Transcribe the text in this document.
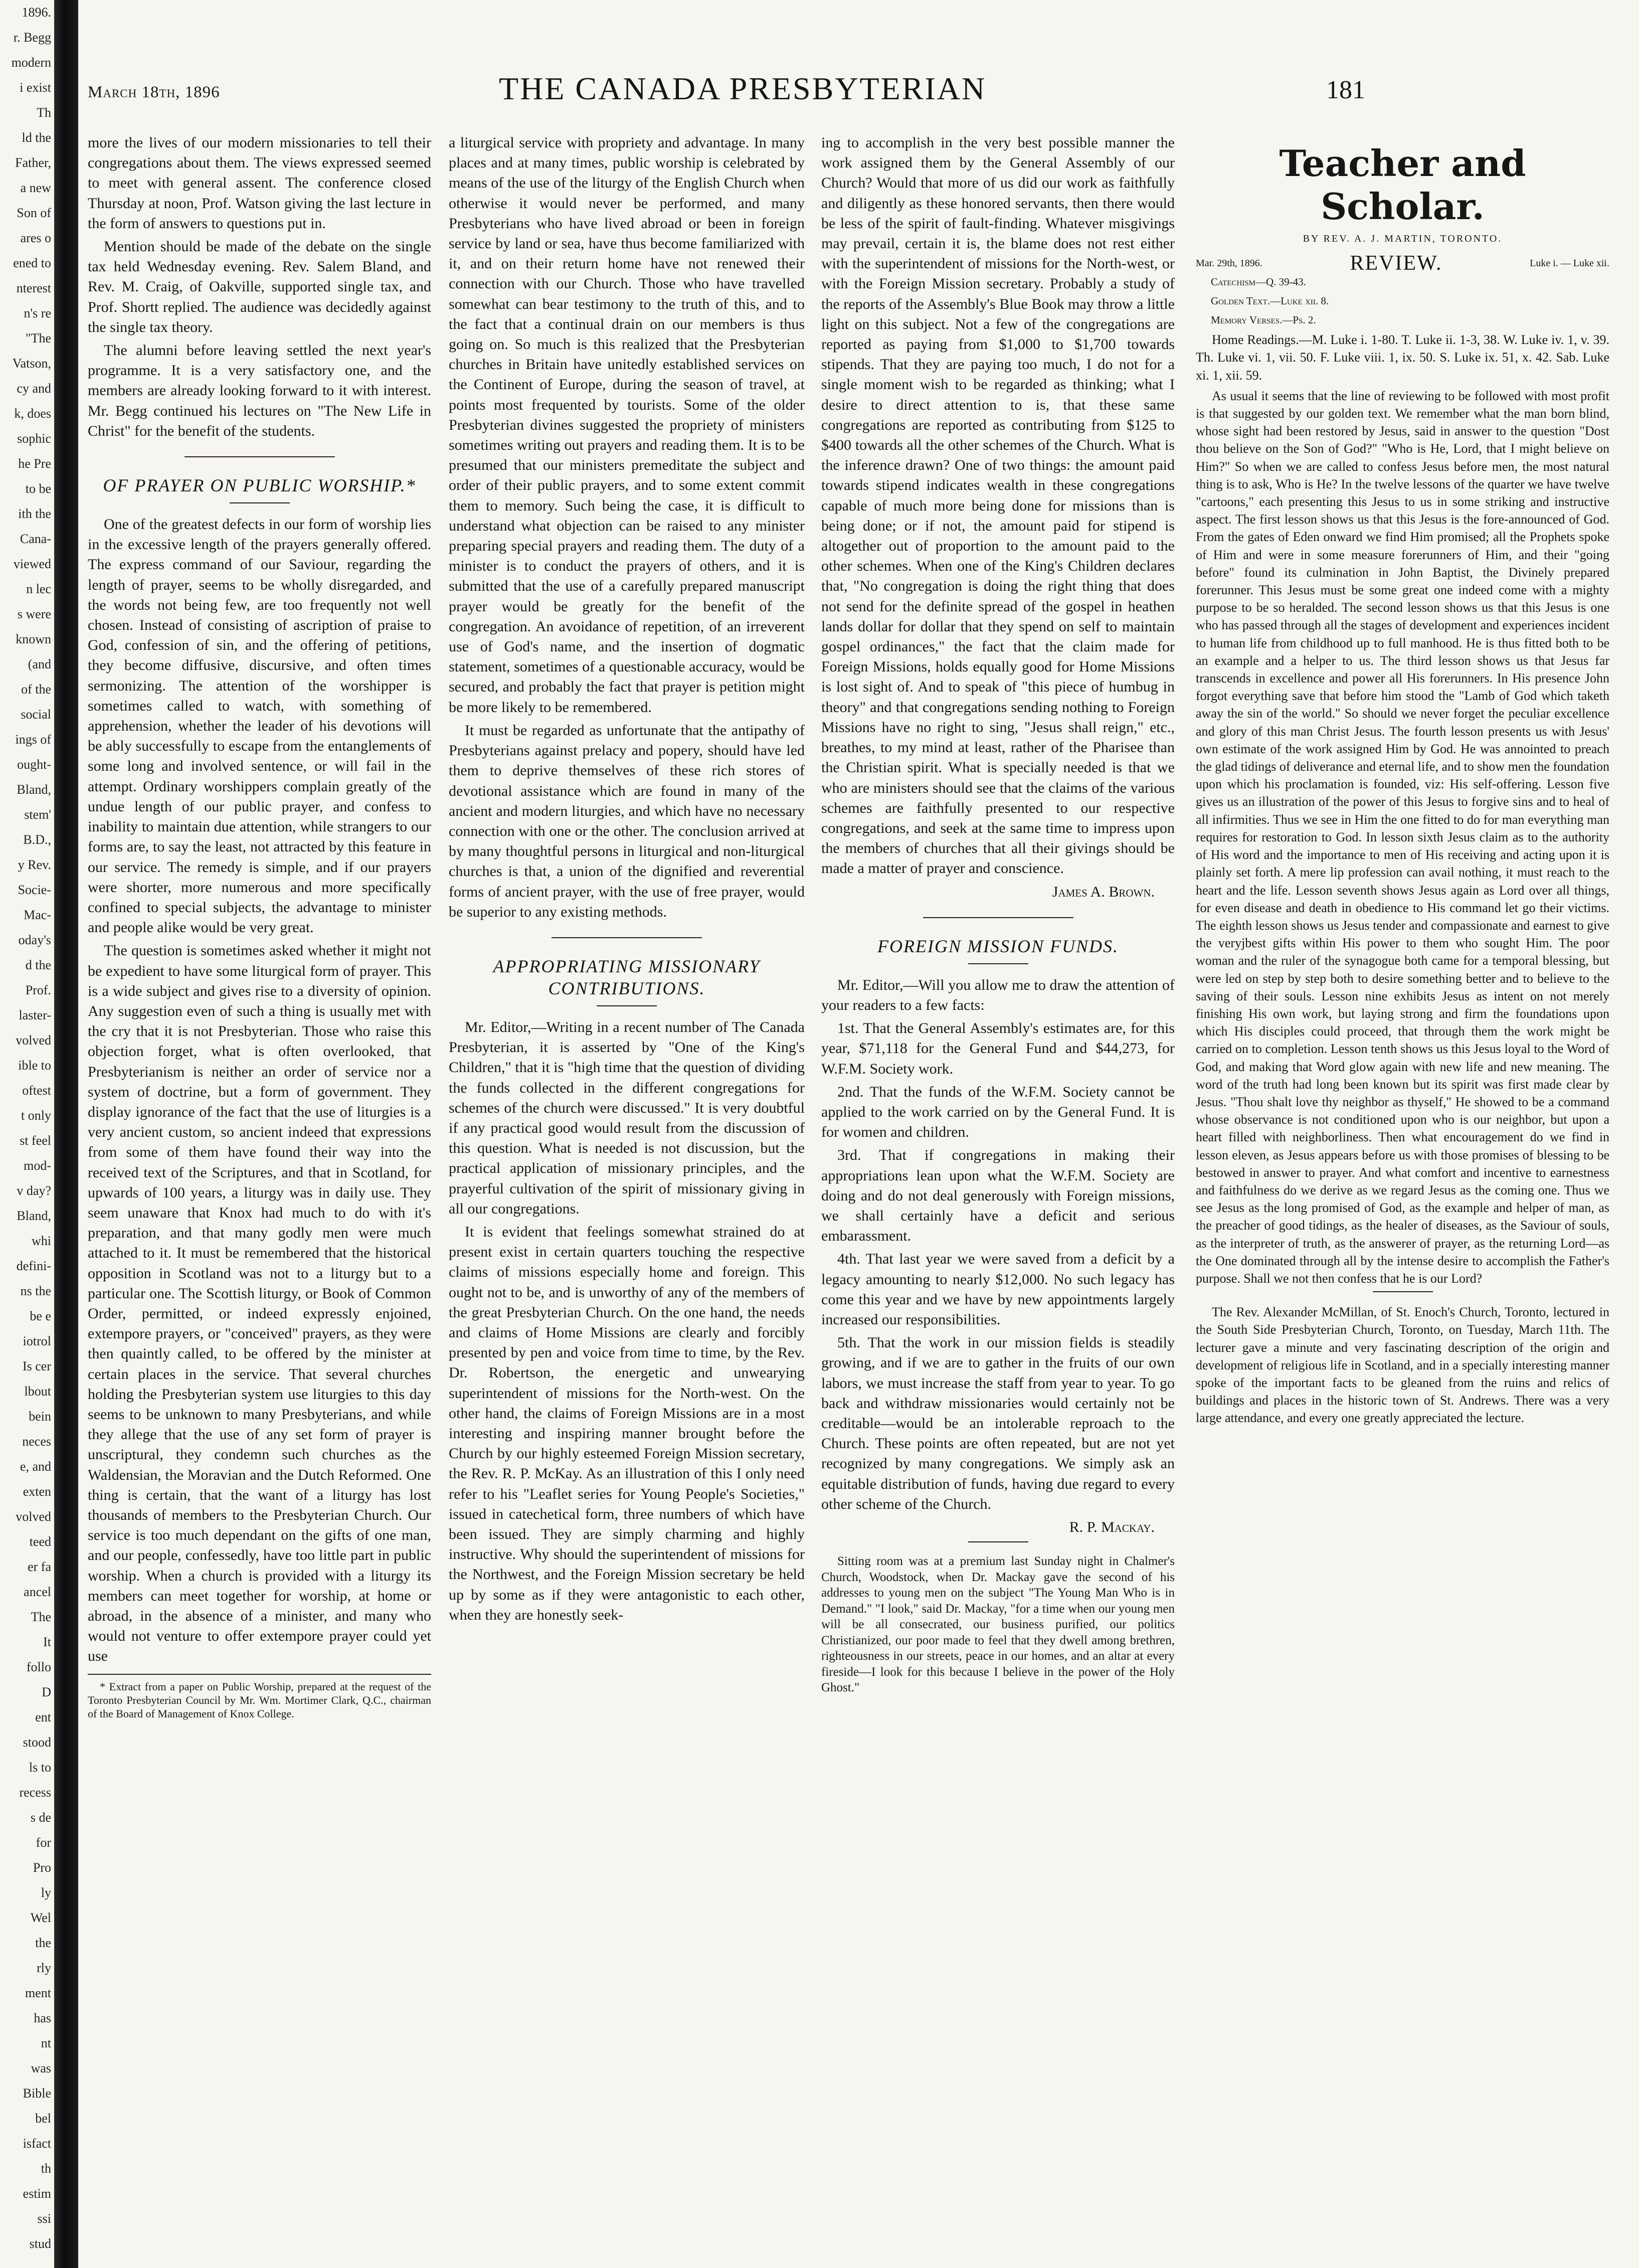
1896.
r. Begg
modern
i exist
Th
ld the
Father,
a new
Son of
ares o
ened to
nterest
n's re
"The
Vatson,
cy and
k, does
sophic
he Pre
to be
ith the
Cana-
viewed
n lec
s were
known
(and
of the
social
ings of
ought-
Bland,
stem'
B.D.,
y Rev.
Socie-
Mac-
oday's
d the
Prof.
laster-
volved
ible to
oftest
t only
st feel
mod-
v day?
Bland,
whi
defini-
ns the
be e
iotrol
Is cer
lbout
bein
neces
e, and
exten
volved
teed
er fa
ancel
The
It
follo
D
ent
stood
ls to
recess
s de
for
Pro
ly
Wel
the
rly
ment
has
nt
was
Bible
bel
isfact
th
estim
ssi
stud
March 18th, 1896	THE CANADA PRESBYTERIAN	181

more the lives of our modern missionaries to tell their congregations about them. The views expressed seemed to meet with general assent. The conference closed Thursday at noon, Prof. Watson giving the last lecture in the form of answers to questions put in.

Mention should be made of the debate on the single tax held Wednesday evening. Rev. Salem Bland, and Rev. M. Craig, of Oakville, supported single tax, and Prof. Shortt replied. The audience was decidedly against the single tax theory.

The alumni before leaving settled the next year's programme. It is a very satisfactory one, and the members are already looking forward to it with interest. Mr. Begg continued his lectures on "The New Life in Christ" for the benefit of the students.

OF PRAYER ON PUBLIC WORSHIP.*

One of the greatest defects in our form of worship lies in the excessive length of the prayers generally offered. The express command of our Saviour, regarding the length of prayer, seems to be wholly disregarded, and the words not being few, are too frequently not well chosen. Instead of consisting of ascription of praise to God, confession of sin, and the offering of petitions, they become diffusive, discursive, and often times sermonizing. The attention of the worshipper is sometimes called to watch, with something of apprehension, whether the leader of his devotions will be ably successfully to escape from the entanglements of some long and involved sentence, or will fail in the attempt. Ordinary worshippers complain greatly of the undue length of our public prayer, and confess to inability to maintain due attention, while strangers to our forms are, to say the least, not attracted by this feature in our service. The remedy is simple, and if our prayers were shorter, more numerous and more specifically confined to special subjects, the advantage to minister and people alike would be very great.

The question is sometimes asked whether it might not be expedient to have some liturgical form of prayer. This is a wide subject and gives rise to a diversity of opinion. Any suggestion even of such a thing is usually met with the cry that it is not Presbyterian. Those who raise this objection forget, what is often overlooked, that Presbyterianism is neither an order of service nor a system of doctrine, but a form of government. They display ignorance of the fact that the use of liturgies is a very ancient custom, so ancient indeed that expressions from some of them have found their way into the received text of the Scriptures, and that in Scotland, for upwards of 100 years, a liturgy was in daily use. They seem unaware that Knox had much to do with it's preparation, and that many godly men were much attached to it. It must be remembered that the historical opposition in Scotland was not to a liturgy but to a particular one. The Scottish liturgy, or Book of Common Order, permitted, or indeed expressly enjoined, extempore prayers, or "conceived" prayers, as they were then quaintly called, to be offered by the minister at certain places in the service. That several churches holding the Presbyterian system use liturgies to this day seems to be unknown to many Presbyterians, and while they allege that the use of any set form of prayer is unscriptural, they condemn such churches as the Waldensian, the Moravian and the Dutch Reformed. One thing is certain, that the want of a liturgy has lost thousands of members to the Presbyterian Church. Our service is too much dependant on the gifts of one man, and our people, confessedly, have too little part in public worship. When a church is provided with a liturgy its members can meet together for worship, at home or abroad, in the absence of a minister, and many who would not venture to offer extempore prayer could yet use

* Extract from a paper on Public Worship, prepared at the request of the Toronto Presbyterian Council by Mr. Wm. Mortimer Clark, Q.C., chairman of the Board of Management of Knox College.

a liturgical service with propriety and advantage. In many places and at many times, public worship is celebrated by means of the use of the liturgy of the English Church when otherwise it would never be performed, and many Presbyterians who have lived abroad or been in foreign service by land or sea, have thus become familiarized with it, and on their return home have not renewed their connection with our Church. Those who have travelled somewhat can bear testimony to the truth of this, and to the fact that a continual drain on our members is thus going on. So much is this realized that the Presbyterian churches in Britain have unitedly established services on the Continent of Europe, during the season of travel, at points most frequented by tourists. Some of the older Presbyterian divines suggested the propriety of ministers sometimes writing out prayers and reading them. It is to be presumed that our ministers premeditate the subject and order of their public prayers, and to some extent commit them to memory. Such being the case, it is difficult to understand what objection can be raised to any minister preparing special prayers and reading them. The duty of a minister is to conduct the prayers of others, and it is submitted that the use of a carefully prepared manuscript prayer would be greatly for the benefit of the congregation. An avoidance of repetition, of an irreverent use of God's name, and the insertion of dogmatic statement, sometimes of a questionable accuracy, would be secured, and probably the fact that prayer is petition might be more likely to be remembered.

It must be regarded as unfortunate that the antipathy of Presbyterians against prelacy and popery, should have led them to deprive themselves of these rich stores of devotional assistance which are found in many of the ancient and modern liturgies, and which have no necessary connection with one or the other. The conclusion arrived at by many thoughtful persons in liturgical and non-liturgical churches is that, a union of the dignified and reverential forms of ancient prayer, with the use of free prayer, would be superior to any existing methods.

APPROPRIATING MISSIONARY CONTRIBUTIONS.

Mr. Editor,—Writing in a recent number of The Canada Presbyterian, it is asserted by "One of the King's Children," that it is "high time that the question of dividing the funds collected in the different congregations for schemes of the church were discussed." It is very doubtful if any practical good would result from the discussion of this question. What is needed is not discussion, but the practical application of missionary principles, and the prayerful cultivation of the spirit of missionary giving in all our congregations.

It is evident that feelings somewhat strained do at present exist in certain quarters touching the respective claims of missions especially home and foreign. This ought not to be, and is unworthy of any of the members of the great Presbyterian Church. On the one hand, the needs and claims of Home Missions are clearly and forcibly presented by pen and voice from time to time, by the Rev. Dr. Robertson, the energetic and unwearying superintendent of missions for the North-west. On the other hand, the claims of Foreign Missions are in a most interesting and inspiring manner brought before the Church by our highly esteemed Foreign Mission secretary, the Rev. R. P. McKay. As an illustration of this I only need refer to his "Leaflet series for Young People's Societies," issued in catechetical form, three numbers of which have been issued. They are simply charming and highly instructive. Why should the superintendent of missions for the Northwest, and the Foreign Mission secretary be held up by some as if they were antagonistic to each other, when they are honestly seek-

ing to accomplish in the very best possible manner the work assigned them by the General Assembly of our Church? Would that more of us did our work as faithfully and diligently as these honored servants, then there would be less of the spirit of fault-finding. Whatever misgivings may prevail, certain it is, the blame does not rest either with the superintendent of missions for the North-west, or with the Foreign Mission secretary. Probably a study of the reports of the Assembly's Blue Book may throw a little light on this subject. Not a few of the congregations are reported as paying from $1,000 to $1,700 towards stipends. That they are paying too much, I do not for a single moment wish to be regarded as thinking; what I desire to direct attention to is, that these same congregations are reported as contributing from $125 to $400 towards all the other schemes of the Church. What is the inference drawn? One of two things: the amount paid towards stipend indicates wealth in these congregations capable of much more being done for missions than is being done; or if not, the amount paid for stipend is altogether out of proportion to the amount paid to the other schemes. When one of the King's Children declares that, "No congregation is doing the right thing that does not send for the definite spread of the gospel in heathen lands dollar for dollar that they spend on self to maintain gospel ordinances," the fact that the claim made for Foreign Missions, holds equally good for Home Missions is lost sight of. And to speak of "this piece of humbug in theory" and that congregations sending nothing to Foreign Missions have no right to sing, "Jesus shall reign," etc., breathes, to my mind at least, rather of the Pharisee than the Christian spirit. What is specially needed is that we who are ministers should see that the claims of the various schemes are faithfully presented to our respective congregations, and seek at the same time to impress upon the members of churches that all their givings should be made a matter of prayer and conscience.

James A. Brown.
FOREIGN MISSION FUNDS.

Mr. Editor,—Will you allow me to draw the attention of your readers to a few facts:

1st. That the General Assembly's estimates are, for this year, $71,118 for the General Fund and $44,273, for W.F.M. Society work.

2nd. That the funds of the W.F.M. Society cannot be applied to the work carried on by the General Fund. It is for women and children.

3rd. That if congregations in making their appropriations lean upon what the W.F.M. Society are doing and do not deal generously with Foreign missions, we shall certainly have a deficit and serious embarassment.

4th. That last year we were saved from a deficit by a legacy amounting to nearly $12,000. No such legacy has come this year and we have by new appointments largely increased our responsibilities.

5th. That the work in our mission fields is steadily growing, and if we are to gather in the fruits of our own labors, we must increase the staff from year to year. To go back and withdraw missionaries would certainly not be creditable—would be an intolerable reproach to the Church. These points are often repeated, but are not yet recognized by many congregations. We simply ask an equitable distribution of funds, having due regard to every other scheme of the Church.

R. P. Mackay.

Sitting room was at a premium last Sunday night in Chalmer's Church, Woodstock, when Dr. Mackay gave the second of his addresses to young men on the subject "The Young Man Who is in Demand." "I look," said Dr. Mackay, "for a time when our young men will be all consecrated, our business purified, our politics Christianized, our poor made to feel that they dwell among brethren, righteousness in our streets, peace in our homes, and an altar at every fireside—I look for this because I believe in the power of the Holy Ghost."

Teacher and Scholar.
BY REV. A. J. MARTIN, TORONTO.
Mar. 29th, 1896.	REVIEW.	Luke i. — Luke xii.
Catechism—Q. 39-43.
Golden Text.—Luke xii. 8.
Memory Verses.—Ps. 2.

Home Readings.—M. Luke i. 1-80. T. Luke ii. 1-3, 38. W. Luke iv. 1, v. 39. Th. Luke vi. 1, vii. 50. F. Luke viii. 1, ix. 50. S. Luke ix. 51, x. 42. Sab. Luke xi. 1, xii. 59.

As usual it seems that the line of reviewing to be followed with most profit is that suggested by our golden text. We remember what the man born blind, whose sight had been restored by Jesus, said in answer to the question "Dost thou believe on the Son of God?" "Who is He, Lord, that I might believe on Him?" So when we are called to confess Jesus before men, the most natural thing is to ask, Who is He? In the twelve lessons of the quarter we have twelve "cartoons," each presenting this Jesus to us in some striking and instructive aspect. The first lesson shows us that this Jesus is the fore-announced of God. From the gates of Eden onward we find Him promised; all the Prophets spoke of Him and were in some measure forerunners of Him, and their "going before" found its culmination in John Baptist, the Divinely prepared forerunner. This Jesus must be some great one indeed come with a mighty purpose to be so heralded. The second lesson shows us that this Jesus is one who has passed through all the stages of development and experiences incident to human life from childhood up to full manhood. He is thus fitted both to be an example and a helper to us. The third lesson shows us that Jesus far transcends in excellence and power all His forerunners. In His presence John forgot everything save that before him stood the "Lamb of God which taketh away the sin of the world." So should we never forget the peculiar excellence and glory of this man Christ Jesus. The fourth lesson presents us with Jesus' own estimate of the work assigned Him by God. He was annointed to preach the glad tidings of deliverance and eternal life, and to show men the foundation upon which his proclamation is founded, viz: His self-offering. Lesson five gives us an illustration of the power of this Jesus to forgive sins and to heal of all infirmities. Thus we see in Him the one fitted to do for man everything man requires for restoration to God. In lesson sixth Jesus claim as to the authority of His word and the importance to men of His receiving and acting upon it is plainly set forth. A mere lip profession can avail nothing, it must reach to the heart and the life. Lesson seventh shows Jesus again as Lord over all things, for even disease and death in obedience to His command let go their victims. The eighth lesson shows us Jesus tender and compassionate and earnest to give the veryjbest gifts within His power to them who sought Him. The poor woman and the ruler of the synagogue both came for a temporal blessing, but were led on step by step both to desire something better and to believe to the saving of their souls. Lesson nine exhibits Jesus as intent on not merely finishing His own work, but laying strong and firm the foundations upon which His disciples could proceed, that through them the work might be carried on to completion. Lesson tenth shows us this Jesus loyal to the Word of God, and making that Word glow again with new life and new meaning. The word of the truth had long been known but its spirit was first made clear by Jesus. "Thou shalt love thy neighbor as thyself," He showed to be a command whose observance is not conditioned upon who is our neighbor, but upon a heart filled with neighborliness. Then what encouragement do we find in lesson eleven, as Jesus appears before us with those promises of blessing to be bestowed in answer to prayer. And what comfort and incentive to earnestness and faithfulness do we derive as we regard Jesus as the coming one. Thus we see Jesus as the long promised of God, as the example and helper of man, as the preacher of good tidings, as the healer of diseases, as the Saviour of souls, as the interpreter of truth, as the answerer of prayer, as the returning Lord—as the One dominated through all by the intense desire to accomplish the Father's purpose. Shall we not then confess that he is our Lord?

The Rev. Alexander McMillan, of St. Enoch's Church, Toronto, lectured in the South Side Presbyterian Church, Toronto, on Tuesday, March 11th. The lecturer gave a minute and very fascinating description of the origin and development of religious life in Scotland, and in a specially interesting manner spoke of the important facts to be gleaned from the ruins and relics of buildings and places in the historic town of St. Andrews. There was a very large attendance, and every one greatly appreciated the lecture.
